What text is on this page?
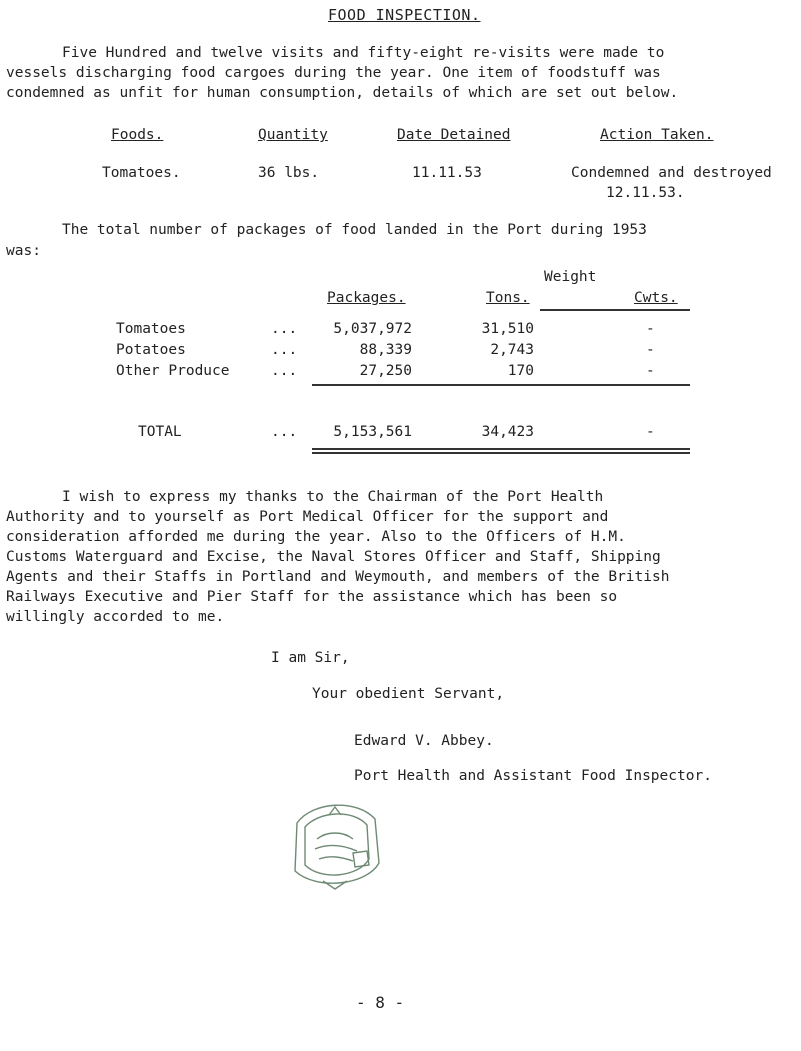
FOOD INSPECTION.
Five Hundred and twelve visits and fifty-eight re-visits were made to
vessels discharging food cargoes during the year. One item of foodstuff was
condemned as unfit for human consumption, details of which are set out below.
Foods.	Quantity	Date Detained	Action Taken.
Tomatoes.	36 lbs.	11.11.53	Condemned and destroyed
12.11.53.
The total number of packages of food landed in the Port during 1953
was:
Weight
Packages.	Tons.	Cwts.
Tomatoes	...	5,037,972	31,510	-
Potatoes	...	88,339	2,743	-
Other Produce	...	27,250	170	-
TOTAL	...	5,153,561	34,423	-
I wish to express my thanks to the Chairman of the Port Health
Authority and to yourself as Port Medical Officer for the support and
consideration afforded me during the year. Also to the Officers of H.M.
Customs Waterguard and Excise, the Naval Stores Officer and Staff, Shipping
Agents and their Staffs in Portland and Weymouth, and members of the British
Railways Executive and Pier Staff for the assistance which has been so
willingly accorded to me.
I am Sir,
Your obedient Servant,
Edward V. Abbey.
Port Health and Assistant Food Inspector.
- 8 -
